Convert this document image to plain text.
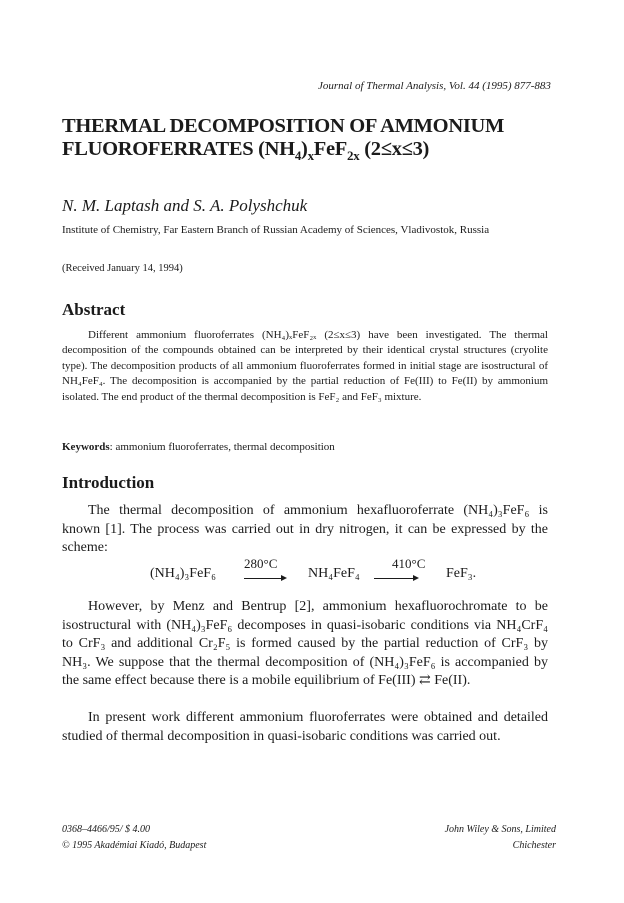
Journal of Thermal Analysis, Vol. 44 (1995) 877-883
THERMAL DECOMPOSITION OF AMMONIUM
FLUOROFERRATES $(NH_4)_xFeF_{2x}$ (2≤x≤3)
N. M. Laptash and S. A. Polyshchuk
Institute of Chemistry, Far Eastern Branch of Russian Academy of Sciences, Vladivostok, Russia
(Received January 14, 1994)
Abstract
Different ammonium fluoroferrates (NH₄)ₓFeF₂ₓ (2≤x≤3) have been investigated. The thermal decomposition of the compounds obtained can be interpreted by their identical crystal structures (cryolite type). The decomposition products of all ammonium fluoroferrates formed in initial stage are isostructural of NH₄FeF₄. The decomposition is accompanied by the partial reduction of Fe(III) to Fe(II) by ammonium isolated. The end product of the thermal decomposition is FeF₂ and FeF₃ mixture.
Keywords: ammonium fluoroferrates, thermal decomposition
Introduction
The thermal decomposition of ammonium hexafluoroferrate (NH₄)₃FeF₆ is known [1]. The process was carried out in dry nitrogen, it can be expressed by the scheme:
(NH₄)₃FeF₆
280°C
NH₄FeF₄
410°C
FeF₃.
However, by Menz and Bentrup [2], ammonium hexafluorochromate to be isostructural with (NH₄)₃FeF₆ decomposes in quasi-isobaric conditions via NH₄CrF₄ to CrF₃ and additional Cr₂F₅ is formed caused by the partial reduction of CrF₃ by NH₃. We suppose that the thermal decomposition of (NH₄)₃FeF₆ is accompanied by the same effect because there is a mobile equilibrium of Fe(III) ⇄ Fe(II).
In present work different ammonium fluoroferrates were obtained and detailed studied of thermal decomposition in quasi-isobaric conditions was carried out.
0368–4466/95/ $ 4.00
© 1995 Akadémiai Kiadó, Budapest
John Wiley & Sons, Limited
Chichester
